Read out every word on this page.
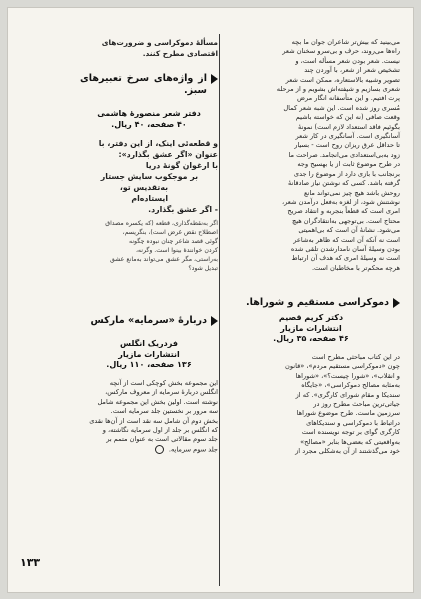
می‌بینید که بیش‌تر شاعران جوان ما بچه

راه‌ها می‌روند، حرف و بی‌سرو سخنان شعر

نیست. شعر بودن شعر مسأله است، و

تشخیص شعر از شعر، با آوردن چند

تصویر وشبیه بالاستعاره، ممکن است شعر

شعری بسازیم و شیفته‌اش بشویم و از مرحله

پرت افتیم. و این متأسفانه انگار مرض

مُسری روز شده است. این شبه شعر کمال

وقعت صافی (نه این که خواسته باشیم

بگوئیم فاقد استعداد لازم است) نمونهٔ

آسانگیری است. آسانگیری در کار شعر

تا حداقل عرق ریزان روح است - بسیار

زود به‌بی‌استعدادی می‌انجامد. صراحت ما

در طرح موضوع ثابت از یا بهسیح وجه

برنجانب با بازی دارد از موضوع را جدی

گرفته باشد. کسی که نوشتن نیاز صادقانهٔ

روحش باشد هیچ چیز نمی‌تواند مانع

نوشتنش شود، از لغزه به‌فعل درآمدن شعر،

امری است که قطعاً بنجربه و انتقاد صریح

محتاج است. بی‌توجهی به‌انتقادگران هیچ

می‌شود. نشانهٔ آن است که بی‌اهمیتی

است نه آنکه آن است که ظاهر به‌شاعر

بودن وسیلهٔ آسان نامدارشدن تلقی شده

است نه وسیلهٔ امری که هدف آن ارتباط

هرچه محکم‌تر با مخاطبان است.

دموکراسی مستقیم و شوراها.
دکتر کریم قصیم
انتشارات مازیار
۴۶ صفحه، ۳۵ ریال.

در این کتاب مباحثی مطرح است

چون «دموکراسی مستقیم مردم»، «قانون

و انقلاب»، «شورا چیست؟»، «شوراها

به‌مثابه مصالح دموکراسی»، «جایگاه

سندیکا و مقام شورای کارگری». که از

جیاتی‌ترین مباحث مطرح روز در

سرزمین ماست. طرح موضوع شوراها

دراتباط با دموکراسی و سندیکاهای

کارگری گوای بر توجه نویسنده است

به‌واقعیتی که بعضی‌ها بنابر «مصالح»

خود می‌گذشتند از آن به‌شکلی مجرد از

مسألهٔ دموکراسی و ضرورت‌های

اقتصادی مطرح کنند.

از واژه‌های سرخ تعبیرهای سبز.
دفتر شعر منصورهٔ هاشمی
۴۰ صفحه، ۴۰ ریال.

و قطعه‌ئی اینک، از این دفتر، با

عنوان «اگر عشق بگذارد»:

با ارغوان گونهٔ دریا

بر موجکوب سایش جستار

به‌تقدیس تو،

ایستاده‌ام

- اگر عشق بگذارد.

اگر به‌نقطه‌گذاری، قطعه (که یکسره مصداق

اصطلاح نقض غرض است)، بنگریسم،

گوئی قصد شاعر چنان نبوده چگونه

کردن خوانندهٔ بینوا است. وگرنه،

به‌راستی، مگر عشق می‌تواند به‌مانع عشق

تبدیل شود؟

دربارهٔ «سرمایه» مارکس
فردریک انگلس
انتشارات مازیار
۱۳۶ صفحه، ۱۱۰ ریال.

این مجموعه بخش کوچکی است از آنچه

انگلس دربارهٔ سرمایه از معروف مارکس،

نوشته است. اولین بخش این مجموعه شامل

سه مرور بر نخستین جلد سرمایه است.

بخش دوم آن شامل سه نقد است از آن‌ها نقدی

که انگلس بر جلد از اول سرمایه نگاشته، و

جلد سوم مقالاتی است به عنوان متمم بر

جلد سوم سرمایه.

۱۳۳
